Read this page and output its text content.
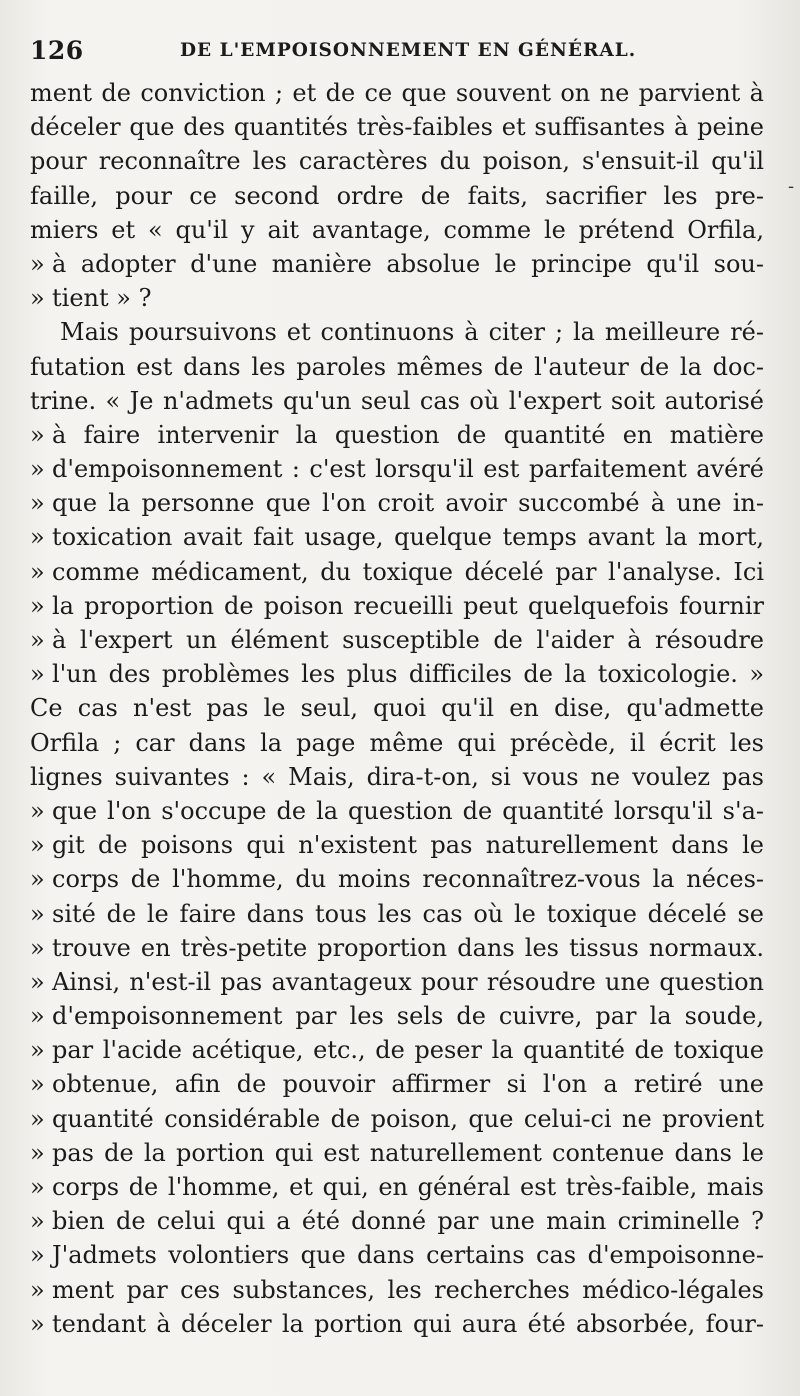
126	DE L'EMPOISONNEMENT EN GÉNÉRAL.
ment de conviction ; et de ce que souvent on ne parvient à
déceler que des quantités très-faibles et suffisantes à peine
pour reconnaître les caractères du poison, s'ensuit-il qu'il
faille, pour ce second ordre de faits, sacrifier les pre-
miers et « qu'il y ait avantage, comme le prétend Orfila,
» à adopter d'une manière absolue le principe qu'il sou-
» tient » ?
Mais poursuivons et continuons à citer ; la meilleure ré-
futation est dans les paroles mêmes de l'auteur de la doc-
trine. « Je n'admets qu'un seul cas où l'expert soit autorisé
» à faire intervenir la question de quantité en matière
» d'empoisonnement : c'est lorsqu'il est parfaitement avéré
» que la personne que l'on croit avoir succombé à une in-
» toxication avait fait usage, quelque temps avant la mort,
» comme médicament, du toxique décelé par l'analyse. Ici
» la proportion de poison recueilli peut quelquefois fournir
» à l'expert un élément susceptible de l'aider à résoudre
» l'un des problèmes les plus difficiles de la toxicologie. »
Ce cas n'est pas le seul, quoi qu'il en dise, qu'admette
Orfila ; car dans la page même qui précède, il écrit les
lignes suivantes : « Mais, dira-t-on, si vous ne voulez pas
» que l'on s'occupe de la question de quantité lorsqu'il s'a-
» git de poisons qui n'existent pas naturellement dans le
» corps de l'homme, du moins reconnaîtrez-vous la néces-
» sité de le faire dans tous les cas où le toxique décelé se
» trouve en très-petite proportion dans les tissus normaux.
» Ainsi, n'est-il pas avantageux pour résoudre une question
» d'empoisonnement par les sels de cuivre, par la soude,
» par l'acide acétique, etc., de peser la quantité de toxique
» obtenue, afin de pouvoir affirmer si l'on a retiré une
» quantité considérable de poison, que celui-ci ne provient
» pas de la portion qui est naturellement contenue dans le
» corps de l'homme, et qui, en général est très-faible, mais
» bien de celui qui a été donné par une main criminelle ?
» J'admets volontiers que dans certains cas d'empoisonne-
» ment par ces substances, les recherches médico-légales
» tendant à déceler la portion qui aura été absorbée, four-
-
